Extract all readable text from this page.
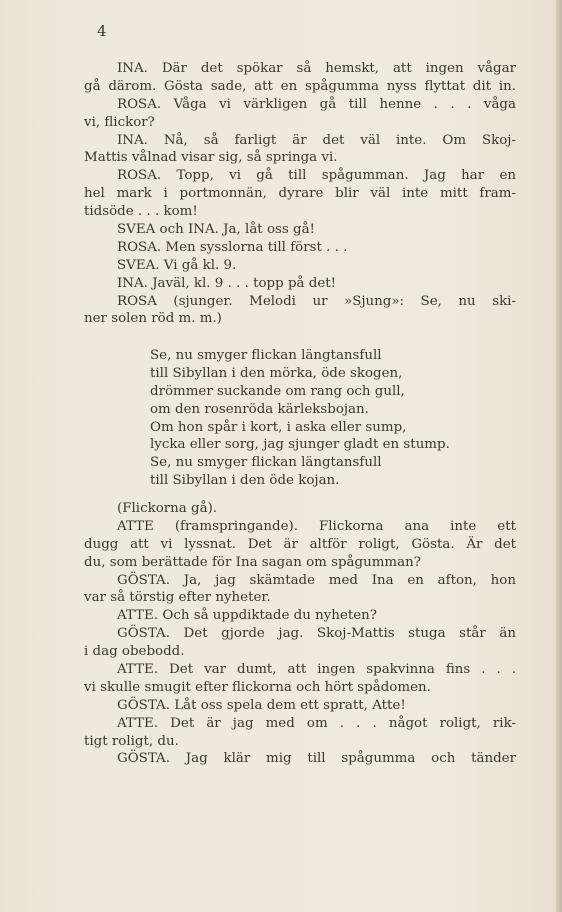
4
INA. Där det spökar så hemskt, att ingen vågar
gå därom. Gösta sade, att en spågumma nyss flyttat dit in.
ROSA. Våga vi värkligen gå till henne . . . våga
vi, flickor?
INA. Nå, så farligt är det väl inte. Om Skoj-
Mattis vålnad visar sig, så springa vi.
ROSA. Topp, vi gå till spågumman. Jag har en
hel mark i portmonnän, dyrare blir väl inte mitt fram-
tidsöde . . . kom!
SVEA och INA. Ja, låt oss gå!
ROSA. Men sysslorna till först . . .
SVEA. Vi gå kl. 9.
INA. Javäl, kl. 9 . . . topp på det!
ROSA (sjunger. Melodi ur »Sjung»: Se, nu ski-
ner solen röd m. m.)
Se, nu smyger flickan längtansfull
till Sibyllan i den mörka, öde skogen,
drömmer suckande om rang och gull,
om den rosenröda kärleksbojan.
Om hon spår i kort, i aska eller sump,
lycka eller sorg, jag sjunger gladt en stump.
Se, nu smyger flickan längtansfull
till Sibyllan i den öde kojan.
(Flickorna gå).
ATTE (framspringande). Flickorna ana inte ett
dugg att vi lyssnat. Det är altför roligt, Gösta. Är det
du, som berättade för Ina sagan om spågumman?
GÖSTA. Ja, jag skämtade med Ina en afton, hon
var så törstig efter nyheter.
ATTE. Och så uppdiktade du nyheten?
GÖSTA. Det gjorde jag. Skoj-Mattis stuga står än
i dag obebodd.
ATTE. Det var dumt, att ingen spakvinna fins . . .
vi skulle smugit efter flickorna och hört spådomen.
GÖSTA. Låt oss spela dem ett spratt, Atte!
ATTE. Det är jag med om . . . något roligt, rik-
tigt roligt, du.
GÖSTA. Jag klär mig till spågumma och tänder
